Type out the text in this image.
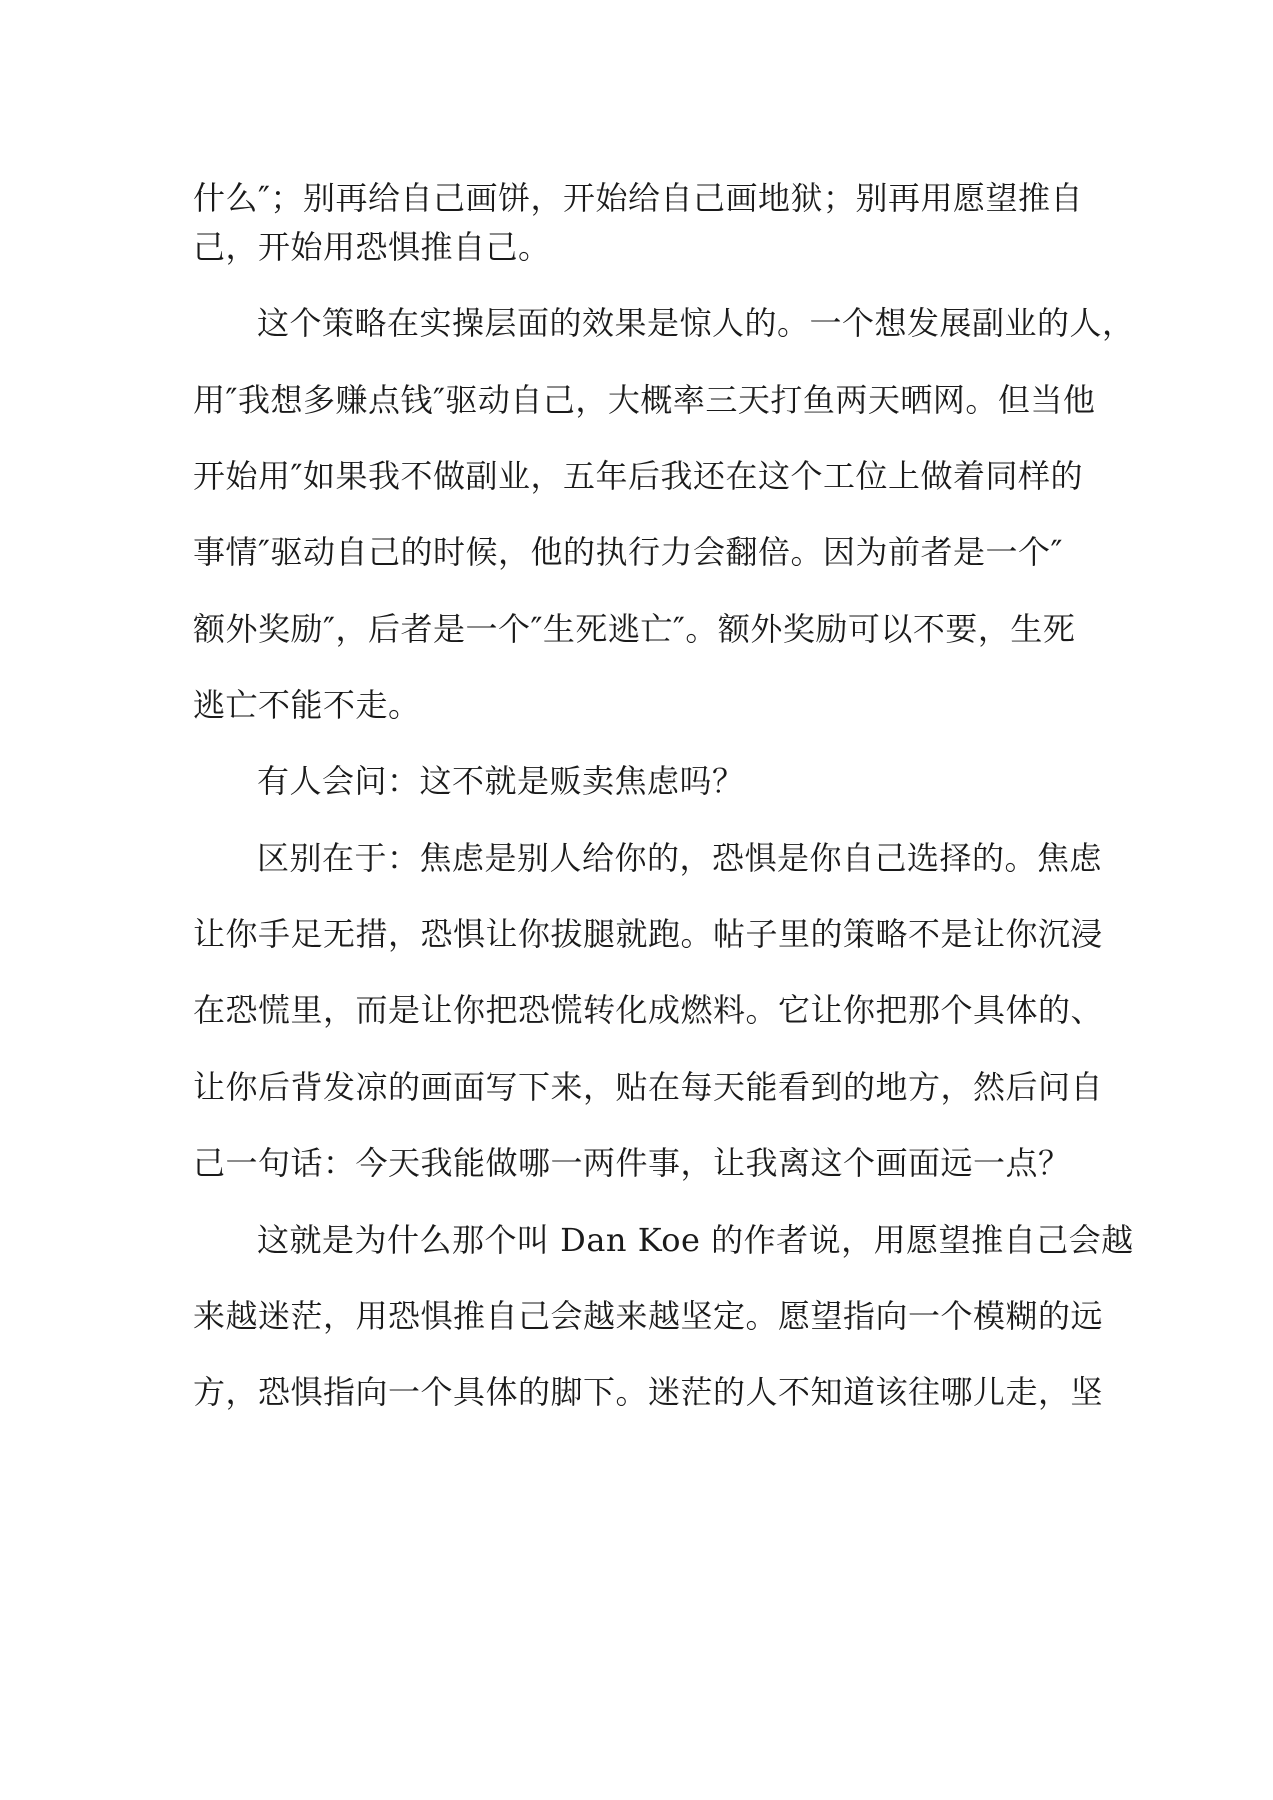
什么″；别再给自己画饼，开始给自己画地狱；别再用愿望推自
己，开始用恐惧推自己。
这个策略在实操层面的效果是惊人的。一个想发展副业的人，
用″我想多赚点钱″驱动自己，大概率三天打鱼两天晒网。但当他
开始用″如果我不做副业，五年后我还在这个工位上做着同样的
事情″驱动自己的时候，他的执行力会翻倍。因为前者是一个″
额外奖励″，后者是一个″生死逃亡″。额外奖励可以不要，生死
逃亡不能不走。
有人会问：这不就是贩卖焦虑吗？
区别在于：焦虑是别人给你的，恐惧是你自己选择的。焦虑
让你手足无措，恐惧让你拔腿就跑。帖子里的策略不是让你沉浸
在恐慌里，而是让你把恐慌转化成燃料。它让你把那个具体的、
让你后背发凉的画面写下来，贴在每天能看到的地方，然后问自
己一句话：今天我能做哪一两件事，让我离这个画面远一点？
这就是为什么那个叫 Dan Koe 的作者说，用愿望推自己会越
来越迷茫，用恐惧推自己会越来越坚定。愿望指向一个模糊的远
方，恐惧指向一个具体的脚下。迷茫的人不知道该往哪儿走，坚
